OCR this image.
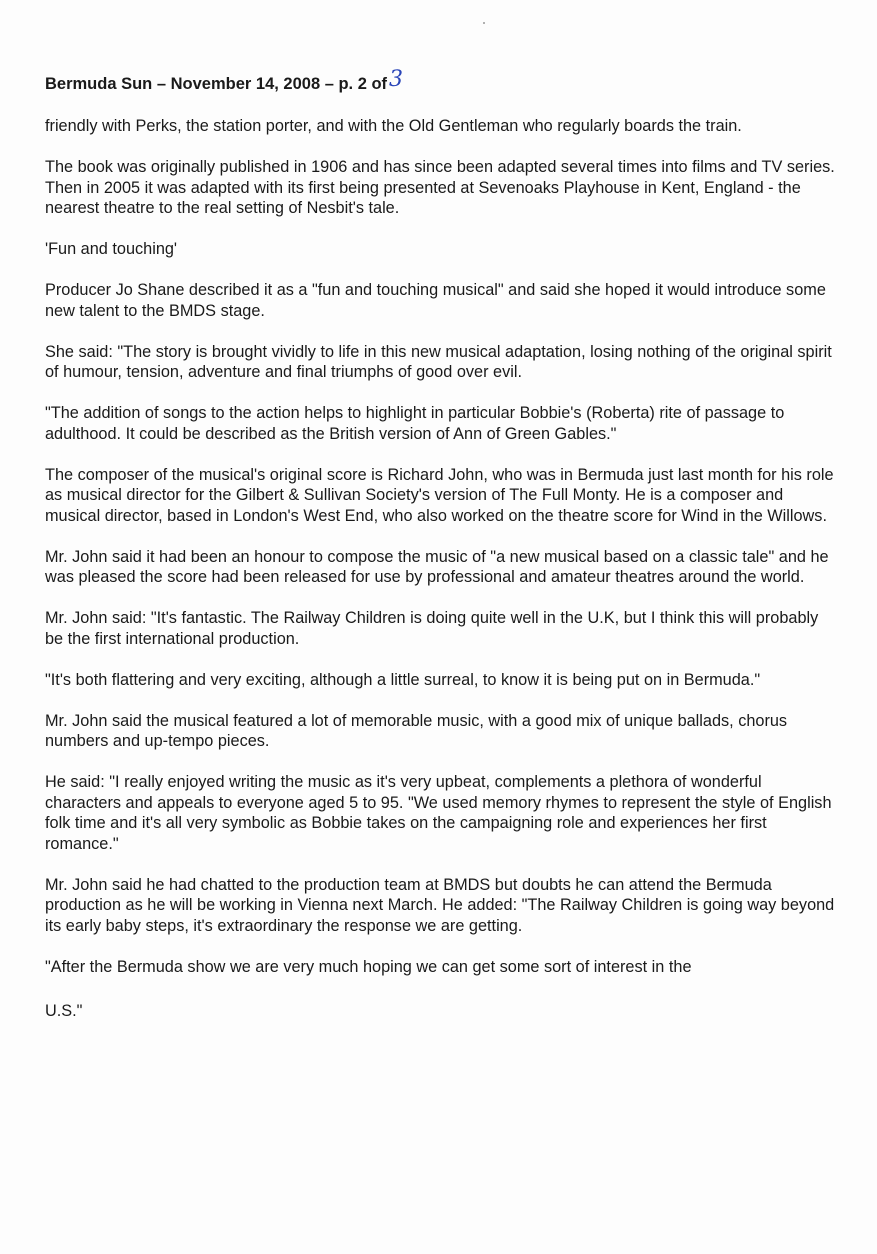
Bermuda Sun – November 14, 2008 – p. 2 of3

friendly with Perks, the station porter, and with the Old Gentleman who regularly boards the train.

The book was originally published in 1906 and has since been adapted several times into films and TV series. Then in 2005 it was adapted with its first being presented at Sevenoaks Playhouse in Kent, England - the nearest theatre to the real setting of Nesbit's tale.

'Fun and touching'

Producer Jo Shane described it as a "fun and touching musical" and said she hoped it would introduce some new talent to the BMDS stage.

She said: "The story is brought vividly to life in this new musical adaptation, losing nothing of the original spirit of humour, tension, adventure and final triumphs of good over evil.

"The addition of songs to the action helps to highlight in particular Bobbie's (Roberta) rite of passage to adulthood. It could be described as the British version of Ann of Green Gables."

The composer of the musical's original score is Richard John, who was in Bermuda just last month for his role as musical director for the Gilbert & Sullivan Society's version of The Full Monty. He is a composer and musical director, based in London's West End, who also worked on the theatre score for Wind in the Willows.

Mr. John said it had been an honour to compose the music of "a new musical based on a classic tale" and he was pleased the score had been released for use by professional and amateur theatres around the world.

Mr. John said: "It's fantastic. The Railway Children is doing quite well in the U.K, but I think this will probably be the first international production.

"It's both flattering and very exciting, although a little surreal, to know it is being put on in Bermuda."

Mr. John said the musical featured a lot of memorable music, with a good mix of unique ballads, chorus numbers and up-tempo pieces.

He said: "I really enjoyed writing the music as it's very upbeat, complements a plethora of wonderful characters and appeals to everyone aged 5 to 95. "We used memory rhymes to represent the style of English folk time and it's all very symbolic as Bobbie takes on the campaigning role and experiences her first romance."

Mr. John said he had chatted to the production team at BMDS but doubts he can attend the Bermuda production as he will be working in Vienna next March. He added: "The Railway Children is going way beyond its early baby steps, it's extraordinary the response we are getting.

"After the Bermuda show we are very much hoping we can get some sort of interest in the

U.S."
